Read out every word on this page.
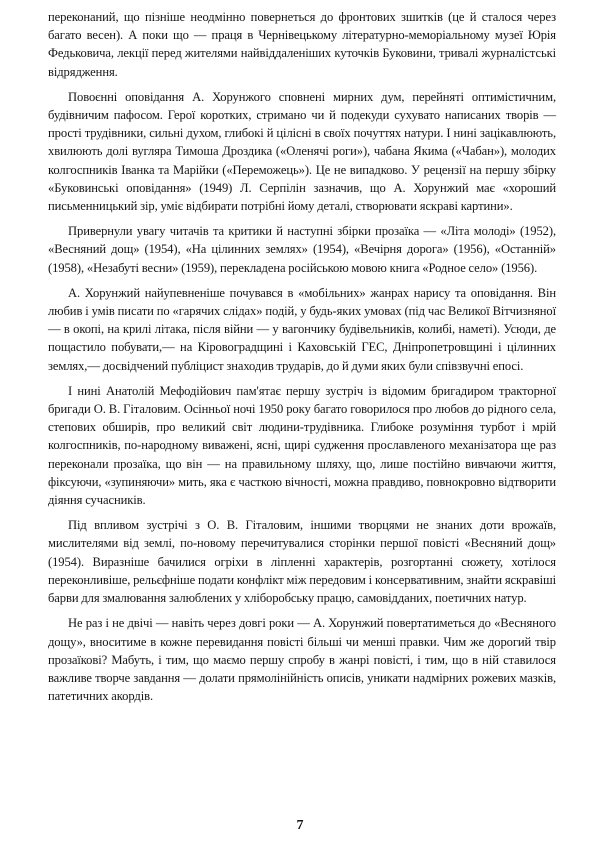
переконаний, що пізніше неодмінно повернеться до фронтових зшитків (це й сталося через багато весен). А поки що — праця в Чернівецькому літературно-меморіальному музеї Юрія Федьковича, лекції перед жителями найвіддаленіших куточків Буковини, тривалі журналістські відрядження.

Повоєнні оповідання А. Хорунжого сповнені мирних дум, перейняті оптимістичним, будівничим пафосом. Герої коротких, стримано чи й подекуди сухувато написаних творів — прості трудівники, сильні духом, глибокі й цілісні в своїх почуттях натури. І нині зацікавлюють, хвилюють долі вугляра Тимоша Дроздика («Оленячі роги»), чабана Якима («Чабан»), молодих колгоспників Іванка та Марійки («Переможець»). Це не випадково. У рецензії на першу збірку «Буковинські оповідання» (1949) Л. Серпілін зазначив, що А. Хорунжий має «хороший письменницький зір, уміє відбирати потрібні йому деталі, створювати яскраві картини».

Привернули увагу читачів та критики й наступні збірки прозаїка — «Літа молоді» (1952), «Весняний дощ» (1954), «На цілинних землях» (1954), «Вечірня дорога» (1956), «Останній» (1958), «Незабуті весни» (1959), перекладена російською мовою книга «Родное село» (1956).

А. Хорунжий найупевненіше почувався в «мобільних» жанрах нарису та оповідання. Він любив і умів писати по «гарячих слідах» подій, у будь-яких умовах (під час Великої Вітчизняної — в окопі, на крилі літака, після війни — у вагончику будівельників, колибі, наметі). Усюди, де пощастило побувати,— на Кіровоградщині і Каховській ГЕС, Дніпропетровщині і цілинних землях,— досвідчений публіцист знаходив трударів, до й думи яких були співзвучні епосі.

І нині Анатолій Мефодійович пам'ятає першу зустріч із відомим бригадиром тракторної бригади О. В. Гіталовим. Осінньої ночі 1950 року багато говорилося про любов до рідного села, степових обширів, про великий світ людини-трудівника. Глибоке розуміння турбот і мрій колгоспників, по-народному виважені, ясні, щирі судження прославленого механізатора ще раз переконали прозаїка, що він — на правильному шляху, що, лише постійно вивчаючи життя, фіксуючи, «зупиняючи» мить, яка є часткою вічності, можна правдиво, повнокровно відтворити діяння сучасників.

Під впливом зустрічі з О. В. Гіталовим, іншими творцями не знаних доти врожаїв, мислителями від землі, по-новому перечитувалися сторінки першої повісті «Весняний дощ» (1954). Виразніше бачилися огріхи в ліпленні характерів, розгортанні сюжету, хотілося переконливіше, рельєфніше подати конфлікт між передовим і консервативним, знайти яскравіші барви для змалювання залюблених у хліборобську працю, самовідданих, поетичних натур.

Не раз і не двічі — навіть через довгі роки — А. Хорунжий повертатиметься до «Весняного дощу», вноситиме в кожне перевидання повісті більші чи менші правки. Чим же дорогий твір прозаїкові? Мабуть, і тим, що маємо першу спробу в жанрі повісті, і тим, що в ній ставилося важливе творче завдання — долати прямолінійність описів, уникати надмірних рожевих мазків, патетичних акордів.

7
